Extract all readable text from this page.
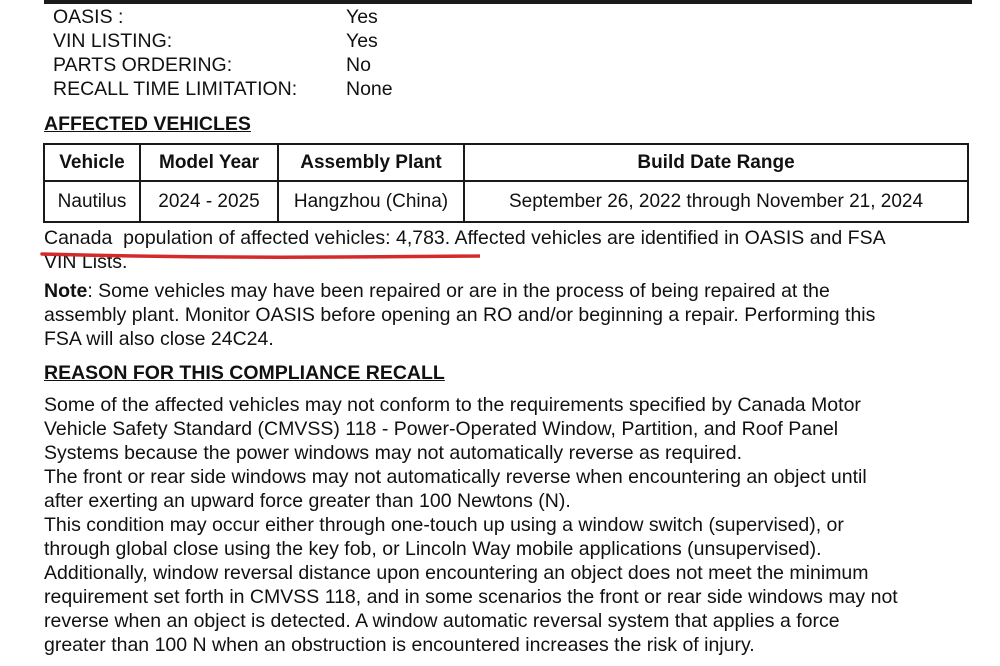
OASIS :	Yes
VIN LISTING:	Yes
PARTS ORDERING:	No
RECALL TIME LIMITATION:	None
AFFECTED VEHICLES
Vehicle	Model Year	Assembly Plant	Build Date Range
Nautilus	2024 - 2025	Hangzhou (China)	September 26, 2022 through November 21, 2024
Canada  population of affected vehicles: 4,783. Affected vehicles are identified in OASIS and FSA
VIN Lists.
Note: Some vehicles may have been repaired or are in the process of being repaired at the
assembly plant. Monitor OASIS before opening an RO and/or beginning a repair. Performing this
FSA will also close 24C24.
REASON FOR THIS COMPLIANCE RECALL
Some of the affected vehicles may not conform to the requirements specified by Canada Motor
Vehicle Safety Standard (CMVSS) 118 - Power-Operated Window, Partition, and Roof Panel
Systems because the power windows may not automatically reverse as required.
The front or rear side windows may not automatically reverse when encountering an object until
after exerting an upward force greater than 100 Newtons (N).
This condition may occur either through one-touch up using a window switch (supervised), or
through global close using the key fob, or Lincoln Way mobile applications (unsupervised).
Additionally, window reversal distance upon encountering an object does not meet the minimum
requirement set forth in CMVSS 118, and in some scenarios the front or rear side windows may not
reverse when an object is detected. A window automatic reversal system that applies a force
greater than 100 N when an obstruction is encountered increases the risk of injury.
